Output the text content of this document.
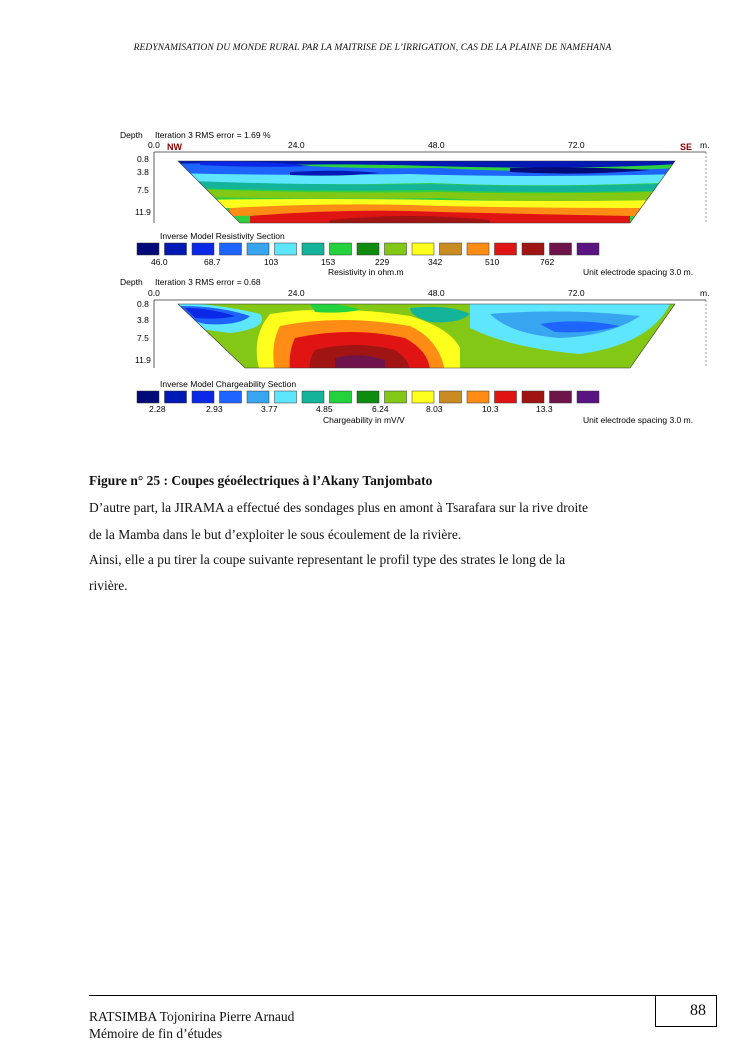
REDYNAMISATION DU MONDE RURAL PAR LA MAITRISE DE L’IRRIGATION, CAS DE LA PLAINE DE NAMEHANA
Depth Iteration 3 RMS error = 1.69 %
0.0	24.0	48.0	72.0	m.
NW	SE
0.8
3.8
7.5
11.9
Inverse Model Resistivity Section
46.0	68.7	103	153	229	342	510	762
Resistivity in ohm.m	Unit electrode spacing 3.0 m.
Depth Iteration 3 RMS error = 0.68
0.0	24.0	48.0	72.0	m.
0.8
3.8
7.5
11.9
Inverse Model Chargeability Section
2.28	2.93	3.77	4.85	6.24	8.03	10.3	13.3
Chargeability in mV/V	Unit electrode spacing 3.0 m.
Figure n° 25 : Coupes géoélectriques à l’Akany Tanjombato
D’autre part, la JIRAMA a effectué des sondages plus en amont à Tsarafara sur la rive droite
de la Mamba dans le but d’exploiter le sous écoulement de la rivière.
Ainsi, elle a pu tirer la coupe suivante representant le profil type des strates le long de la
rivière.
RATSIMBA Tojonirina Pierre Arnaud
Mémoire de fin d’études
88
